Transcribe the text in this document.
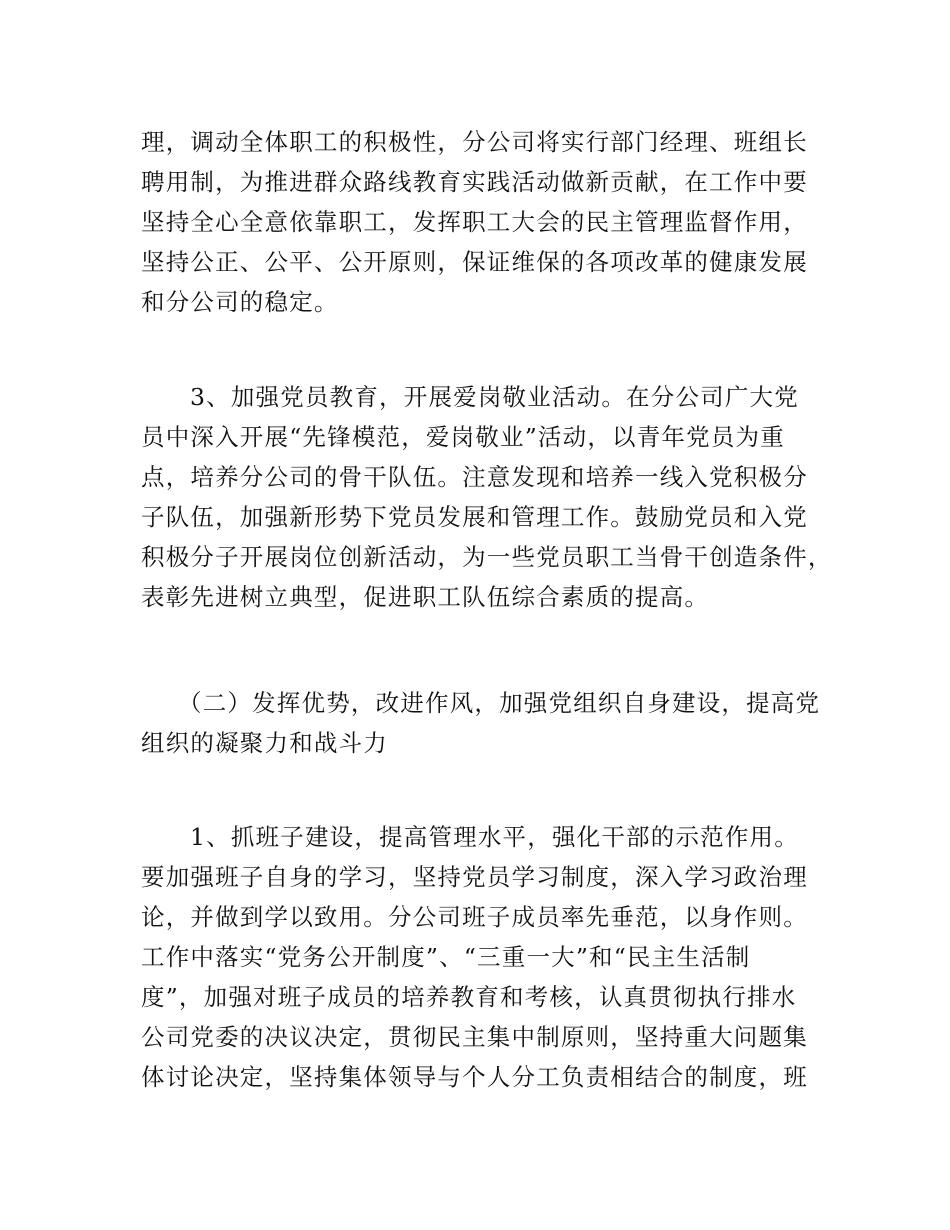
理，调动全体职工的积极性，分公司将实行部门经理、班组长
聘用制，为推进群众路线教育实践活动做新贡献，在工作中要
坚持全心全意依靠职工，发挥职工大会的民主管理监督作用，
坚持公正、公平、公开原则，保证维保的各项改革的健康发展
和分公司的稳定。
3、加强党员教育，开展爱岗敬业活动。在分公司广大党
员中深入开展“先锋模范，爱岗敬业”活动，以青年党员为重
点，培养分公司的骨干队伍。注意发现和培养一线入党积极分
子队伍，加强新形势下党员发展和管理工作。鼓励党员和入党
积极分子开展岗位创新活动，为一些党员职工当骨干创造条件，
表彰先进树立典型，促进职工队伍综合素质的提高。
（二）发挥优势，改进作风，加强党组织自身建设，提高党
组织的凝聚力和战斗力
1、抓班子建设，提高管理水平，强化干部的示范作用。
要加强班子自身的学习，坚持党员学习制度，深入学习政治理
论，并做到学以致用。分公司班子成员率先垂范，以身作则。
工作中落实“党务公开制度”、“三重一大”和“民主生活制
度”，加强对班子成员的培养教育和考核，认真贯彻执行排水
公司党委的决议决定，贯彻民主集中制原则，坚持重大问题集
体讨论决定，坚持集体领导与个人分工负责相结合的制度，班
